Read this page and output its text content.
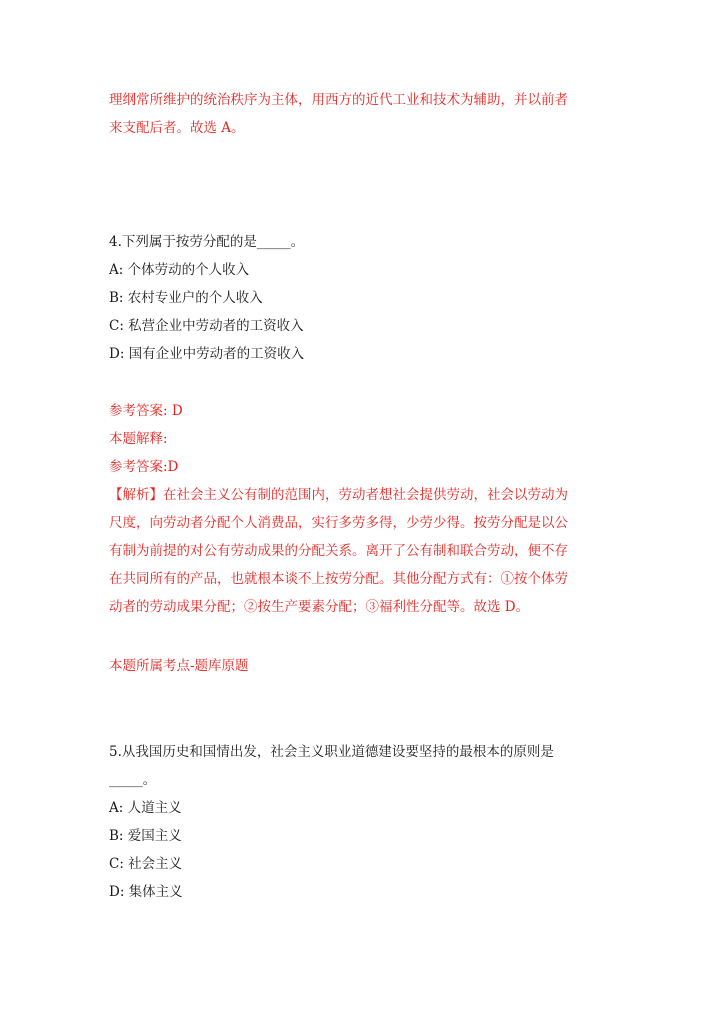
理纲常所维护的统治秩序为主体，用西方的近代工业和技术为辅助，并以前者
来支配后者。故选 A。
4.下列属于按劳分配的是_____。
A: 个体劳动的个人收入
B: 农村专业户的个人收入
C: 私营企业中劳动者的工资收入
D: 国有企业中劳动者的工资收入
参考答案: D
本题解释:
参考答案:D
【解析】在社会主义公有制的范围内，劳动者想社会提供劳动，社会以劳动为
尺度，向劳动者分配个人消费品，实行多劳多得，少劳少得。按劳分配是以公
有制为前提的对公有劳动成果的分配关系。离开了公有制和联合劳动，便不存
在共同所有的产品，也就根本谈不上按劳分配。其他分配方式有：①按个体劳
动者的劳动成果分配；②按生产要素分配；③福利性分配等。故选 D。
本题所属考点-题库原题
5.从我国历史和国情出发，社会主义职业道德建设要坚持的最根本的原则是
_____。
A: 人道主义
B: 爱国主义
C: 社会主义
D: 集体主义
